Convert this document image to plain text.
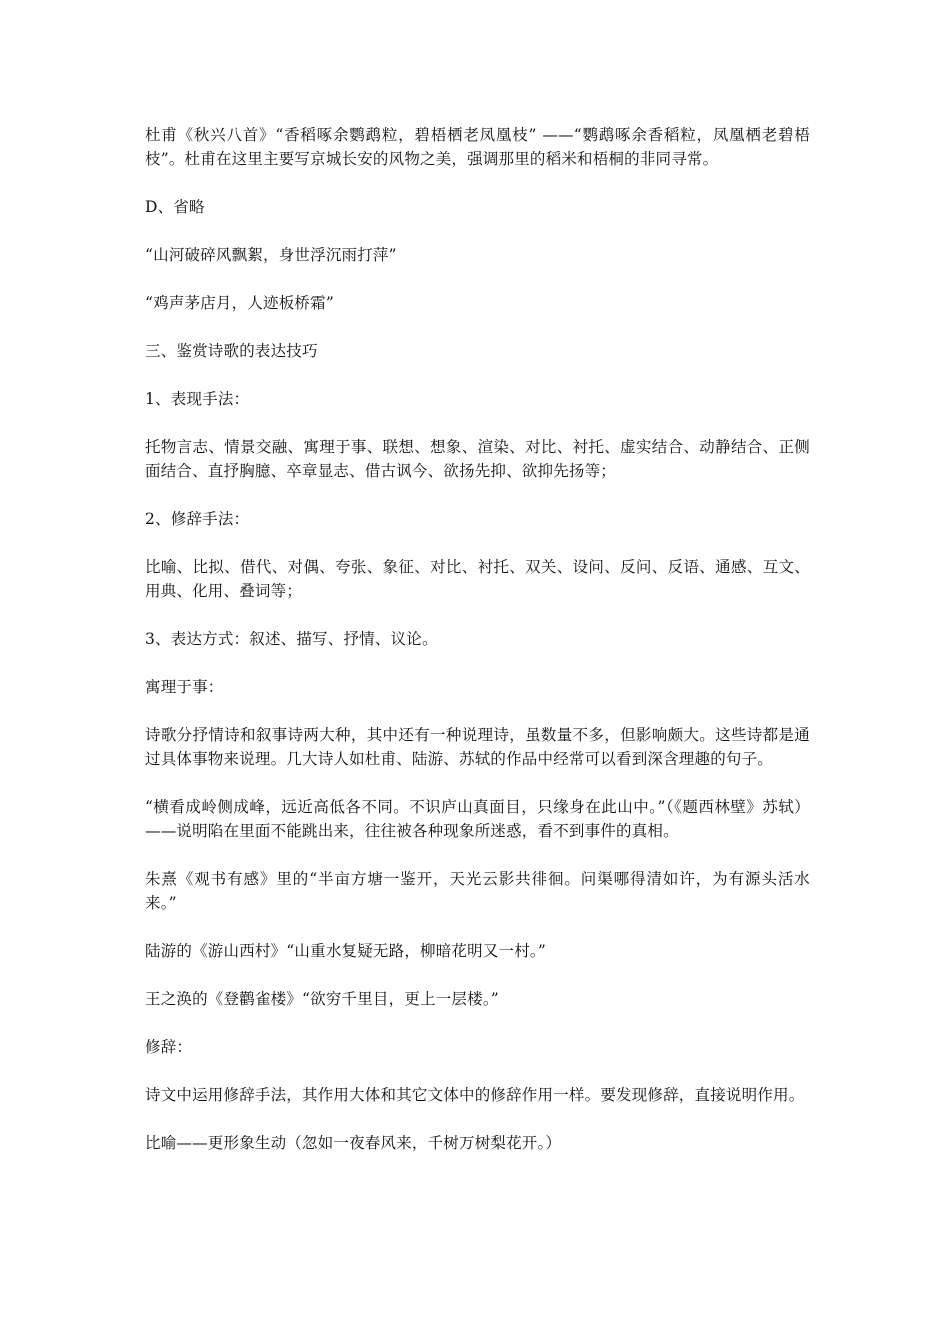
杜甫《秋兴八首》“香稻啄余鹦鹉粒，碧梧栖老凤凰枝” ——“鹦鹉啄余香稻粒，凤凰栖老碧梧枝”。杜甫在这里主要写京城长安的风物之美，强调那里的稻米和梧桐的非同寻常。

D、省略

“山河破碎风飘絮，身世浮沉雨打萍”

“鸡声茅店月，人迹板桥霜”

三、鉴赏诗歌的表达技巧

1、表现手法：

托物言志、情景交融、寓理于事、联想、想象、渲染、对比、衬托、虚实结合、动静结合、正侧面结合、直抒胸臆、卒章显志、借古讽今、欲扬先抑、欲抑先扬等；

2、修辞手法：

比喻、比拟、借代、对偶、夸张、象征、对比、衬托、双关、设问、反问、反语、通感、互文、用典、化用、叠词等；

3、表达方式：叙述、描写、抒情、议论。

寓理于事：

诗歌分抒情诗和叙事诗两大种，其中还有一种说理诗，虽数量不多，但影响颇大。这些诗都是通过具体事物来说理。几大诗人如杜甫、陆游、苏轼的作品中经常可以看到深含理趣的句子。

“横看成岭侧成峰，远近高低各不同。不识庐山真面目，只缘身在此山中。”（《题西林壁》苏轼）——说明陷在里面不能跳出来，往往被各种现象所迷惑，看不到事件的真相。

朱熹《观书有感》里的“半亩方塘一鉴开，天光云影共徘徊。问渠哪得清如许，为有源头活水来。”

陆游的《游山西村》“山重水复疑无路，柳暗花明又一村。”

王之涣的《登鹳雀楼》“欲穷千里目，更上一层楼。”

修辞：

诗文中运用修辞手法，其作用大体和其它文体中的修辞作用一样。要发现修辞，直接说明作用。

比喻——更形象生动（忽如一夜春风来，千树万树梨花开。）
